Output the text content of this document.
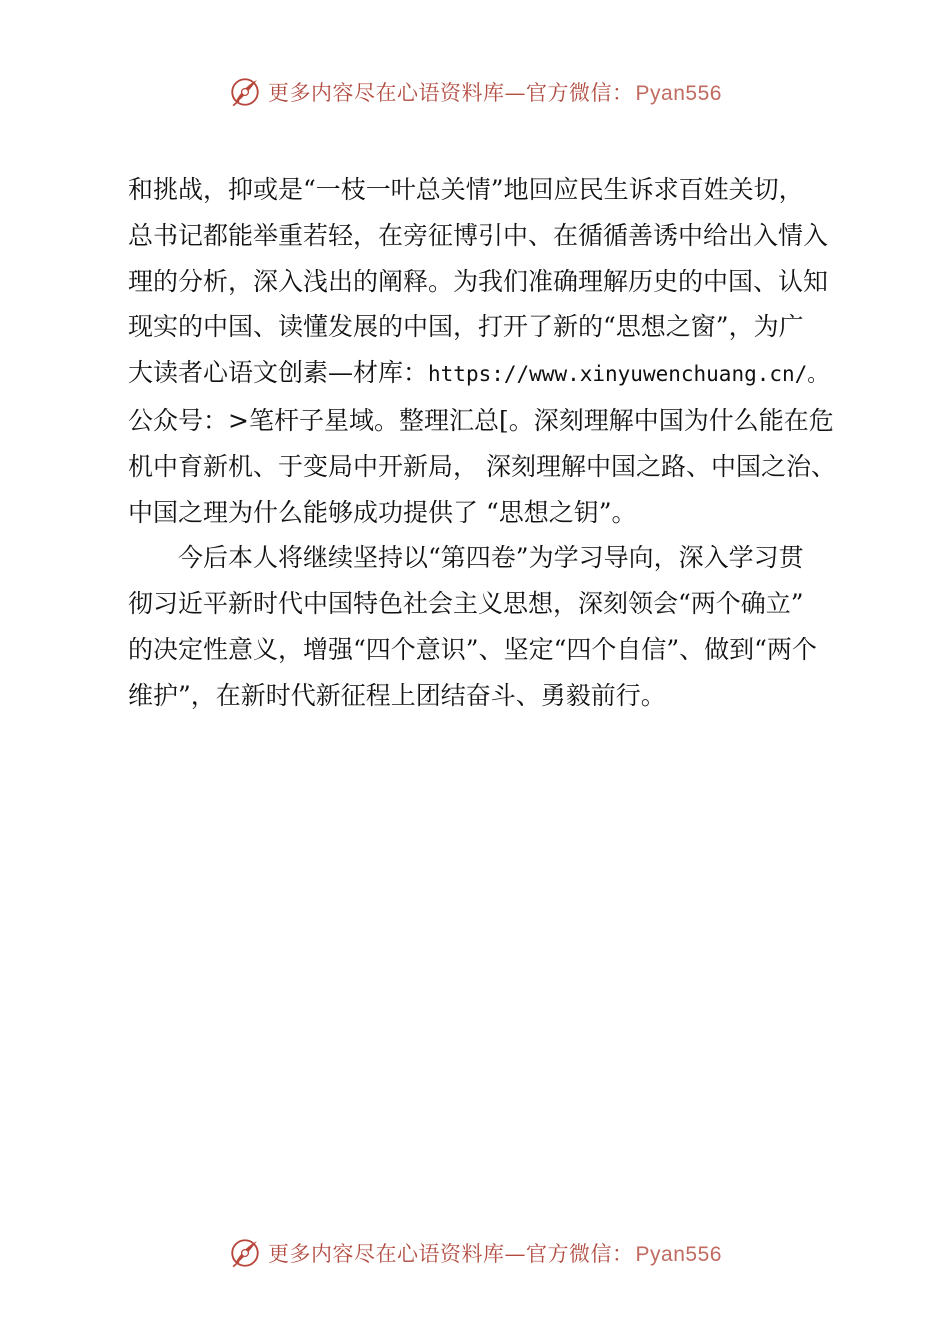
更多内容尽在心语资料库—官方微信：Pyan556

和挑战，抑或是“一枝一叶总关情”地回应民生诉求百姓关切，
总书记都能举重若轻，在旁征博引中、在循循善诱中给出入情入
理的分析，深入浅出的阐释。为我们准确理解历史的中国、认知
现实的中国、读懂发展的中国，打开了新的“思想之窗”，为广
大读者心语文创素—材库：https://www.xinyuwenchuang.cn/。
公众号：>笔杆子星域。整理汇总[。深刻理解中国为什么能在危
机中育新机、于变局中开新局， 深刻理解中国之路、中国之治、
中国之理为什么能够成功提供了 “思想之钥”。

今后本人将继续坚持以“第四卷”为学习导向，深入学习贯
彻习近平新时代中国特色社会主义思想，深刻领会“两个确立”
的决定性意义，增强“四个意识”、坚定“四个自信”、做到“两个
维护”，在新时代新征程上团结奋斗、勇毅前行。

更多内容尽在心语资料库—官方微信：Pyan556
